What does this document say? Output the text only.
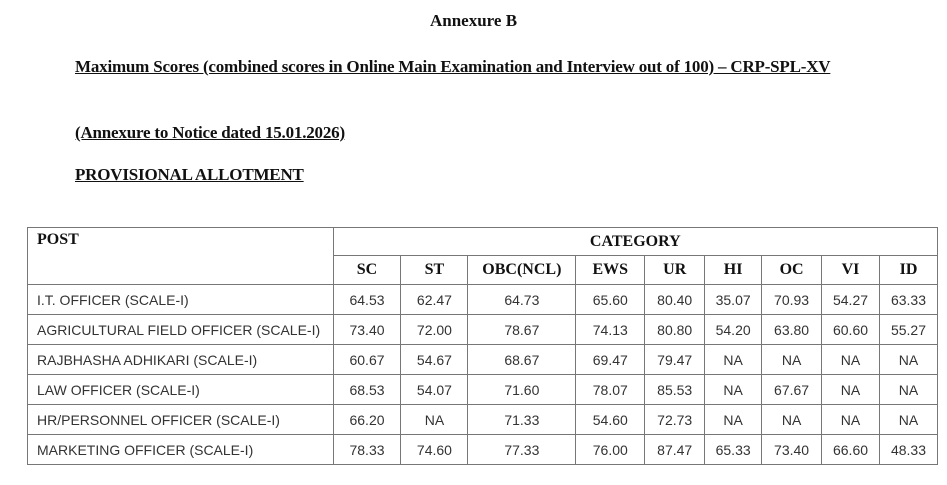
Annexure B
Maximum Scores (combined scores in Online Main Examination and Interview out of 100) – CRP-SPL-XV
(Annexure to Notice dated 15.01.2026)
PROVISIONAL ALLOTMENT
POST	CATEGORY								
	SC	ST	OBC(NCL)	EWS	UR	HI	OC	VI	ID
I.T. OFFICER (SCALE-I)	64.53	62.47	64.73	65.60	80.40	35.07	70.93	54.27	63.33
AGRICULTURAL FIELD OFFICER (SCALE-I)	73.40	72.00	78.67	74.13	80.80	54.20	63.80	60.60	55.27
RAJBHASHA ADHIKARI (SCALE-I)	60.67	54.67	68.67	69.47	79.47	NA	NA	NA	NA
LAW OFFICER (SCALE-I)	68.53	54.07	71.60	78.07	85.53	NA	67.67	NA	NA
HR/PERSONNEL OFFICER (SCALE-I)	66.20	NA	71.33	54.60	72.73	NA	NA	NA	NA
MARKETING OFFICER (SCALE-I)	78.33	74.60	77.33	76.00	87.47	65.33	73.40	66.60	48.33
